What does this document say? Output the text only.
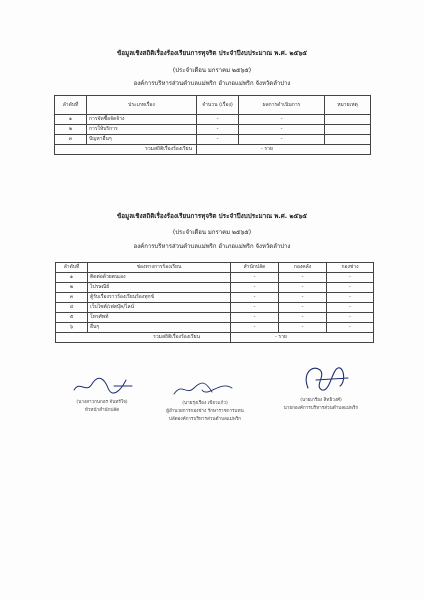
ข้อมูลเชิงสถิติเรื่องร้องเรียนการทุจริต ประจำปีงบประมาณ พ.ศ. ๒๕๖๕
(ประจำเดือน มกราคม ๒๕๖๕)
องค์การบริหารส่วนตำบลแม่พริก อำเภอแม่พริก จังหวัดลำปาง
ลำดับที่	ประเภทเรื่อง	จำนวน (เรื่อง)	ผลการดำเนินการ	หมายเหตุ
๑	การจัดซื้อจัดจ้าง	-	-	
๒	การให้บริการ	-	-	
๓	ปัญหาอื่นๆ	-	-	
รวมสถิติเรื่องร้องเรียน		- ราย		
ข้อมูลเชิงสถิติเรื่องร้องเรียนการทุจริต ประจำปีงบประมาณ พ.ศ. ๒๕๖๕
(ประจำเดือน มกราคม ๒๕๖๕)
องค์การบริหารส่วนตำบลแม่พริก อำเภอแม่พริก จังหวัดลำปาง
ลำดับที่	ช่องทางการร้องเรียน	สำนักปลัด	กองคลัง	กองช่าง
๑	ติดต่อด้วยตนเอง	-	-	-
๒	ไปรษณีย์	-	-	-
๓	ตู้รับเรื่องราวร้องเรียนร้องทุกข์	-	-	-
๔	เว็บไซต์/เฟสบุ๊ค/ไลน์	-	-	-
๕	โทรศัพท์	-	-	-
๖	อื่นๆ	-	-	-
รวมสถิติเรื่องร้องเรียน		- ราย		
(นางสาวกนกอร จันทร์ใจ)
หัวหน้าสำนักปลัด
(นายรุ่งเรือง เขียวแก้ว)
ผู้อำนวยการกองช่าง รักษาราชการแทน
ปลัดองค์การบริหารส่วนตำบลแม่พริก
(นายเกรียง สิทธิวงศ์)
นายกองค์การบริหารส่วนตำบลแม่พริก
